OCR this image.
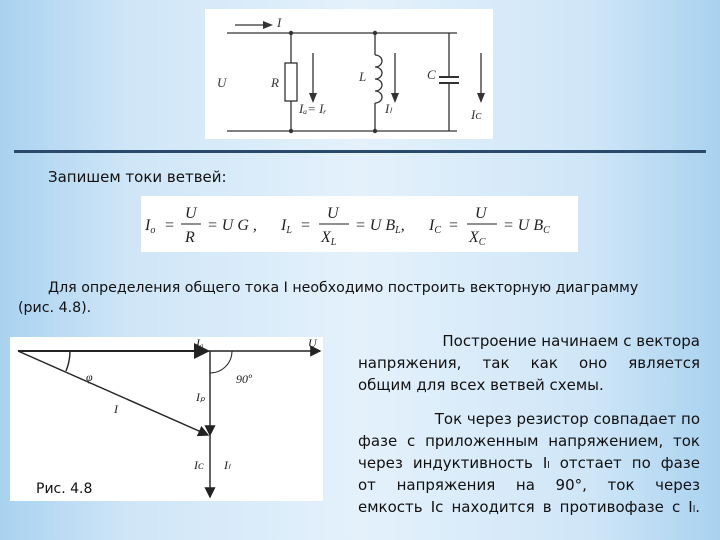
I
U	R	L	C
Iₐ= Iᵣ	Iₗ	Iᴄ
Запишем токи ветвей:
Io =
U
R
= U G , IL =
U
XL
= U BL, IC =
U
XC
= U BC
Для определения общего тока I необходимо построить векторную диаграмму
(рис. 4.8).
Iₐ	U
φ
Iₚ
90º
I
Iᴄ Iₗ
Рис. 4.8
Построение начинаем с вектора
напряжения, так как оно является
общим для всех ветвей схемы.
Ток через резистор совпадает по
фазе с приложенным напряжением, ток
через индуктивность Iₗ отстает по фазе
от напряжения на 90°, ток через
емкость Iᴄ находится в противофазе с Iₗ.
